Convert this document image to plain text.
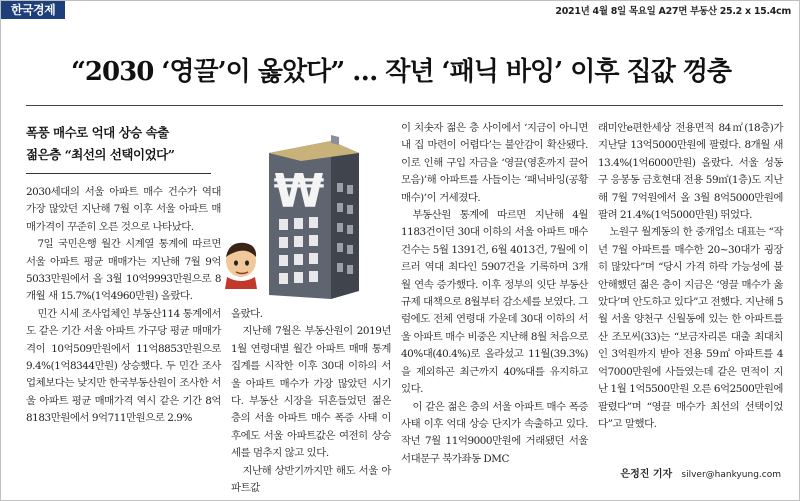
한국경제	2021년 4월 8일 목요일 A27면 부동산 25.2 x 15.4cm
“2030 ‘영끌’이 옳았다” … 작년 ‘패닉 바잉’ 이후 집값 껑충
폭풍 매수로 억대 상승 속출
젊은층 “최선의 선택이었다”
₩

2030세대의 서울 아파트 매수 건수가 역대 가장 많았던 지난해 7월 이후 서울 아파트 매매가격이 꾸준히 오른 것으로 나타났다.

7일 국민은행 월간 시계열 통계에 따르면 서울 아파트 평균 매매가는 지난해 7월 9억5033만원에서 올 3월 10억9993만원으로 8개월 새 15.7%(1억4960만원) 올랐다.

민간 시세 조사업체인 부동산114 통계에서도 같은 기간 서울 아파트 가구당 평균 매매가격이 10억509만원에서 11억8853만원으로 9.4%(1억8344만원) 상승했다. 두 민간 조사업체보다는 낮지만 한국부동산원이 조사한 서울 아파트 평균 매매가격 역시 같은 기간 8억8183만원에서 9억711만원으로 2.9%

올랐다.

지난해 7월은 부동산원이 2019년 1월 연령대별 월간 아파트 매매 통계 집계를 시작한 이후 30대 이하의 서울 아파트 매수가 가장 많았던 시기다. 부동산 시장을 뒤흔들었던 젊은 층의 서울 아파트 매수 폭증 사태 이후에도 서울 아파트값은 여전히 상승세를 멈추지 않고 있다.

지난해 상반기까지만 해도 서울 아파트값

이 치솟자 젊은 층 사이에서 ‘지금이 아니면 내 집 마련이 어렵다’는 불안감이 확산됐다. 이로 인해 구입 자금을 ‘영끌(영혼까지 끌어모음)’해 아파트를 사들이는 ‘패닉바잉(공황매수)’이 거세졌다.

부동산원 통계에 따르면 지난해 4월 1183건이던 30대 이하의 서울 아파트 매수 건수는 5월 1391건, 6월 4013건, 7월에 이르러 역대 최다인 5907건을 기록하며 3개월 연속 증가했다. 이후 정부의 잇단 부동산 규제 대책으로 8월부터 감소세를 보였다. 그럼에도 전체 연령대 가운데 30대 이하의 서울 아파트 매수 비중은 지난해 8월 처음으로 40%대(40.4%)로 올라섰고 11월(39.3%)을 제외하곤 최근까지 40%대를 유지하고 있다.

이 같은 젊은 층의 서울 아파트 매수 폭증 사태 이후 억대 상승 단지가 속출하고 있다. 작년 7월 11억9000만원에 거래됐던 서울 서대문구 북가좌동 DMC

래미안e편한세상 전용면적 84㎡(18층)가 지난달 13억5000만원에 팔렸다. 8개월 새 13.4%(1억6000만원) 올랐다. 서울 성동구 응봉동 금호현대 전용 59㎡(1층)도 지난해 7월 7억원에서 올 3월 8억5000만원에 팔려 21.4%(1억5000만원) 뛰었다.

노원구 월계동의 한 중개업소 대표는 “작년 7월 아파트를 매수한 20~30대가 굉장히 많았다”며 “당시 가격 하락 가능성에 불안해했던 젊은 층이 지금은 ‘영끌 매수가 옳았다’며 안도하고 있다”고 전했다. 지난해 5월 서울 양천구 신월동에 있는 한 아파트를 산 조모씨(33)는 “보금자리론 대출 최대치인 3억원까지 받아 전용 59㎡ 아파트를 4억7000만원에 사들였는데 같은 면적이 지난 1월 1억5500만원 오른 6억2500만원에 팔렸다”며 “영끌 매수가 최선의 선택이었다”고 말했다.

은정진 기자 silver@hankyung.com
